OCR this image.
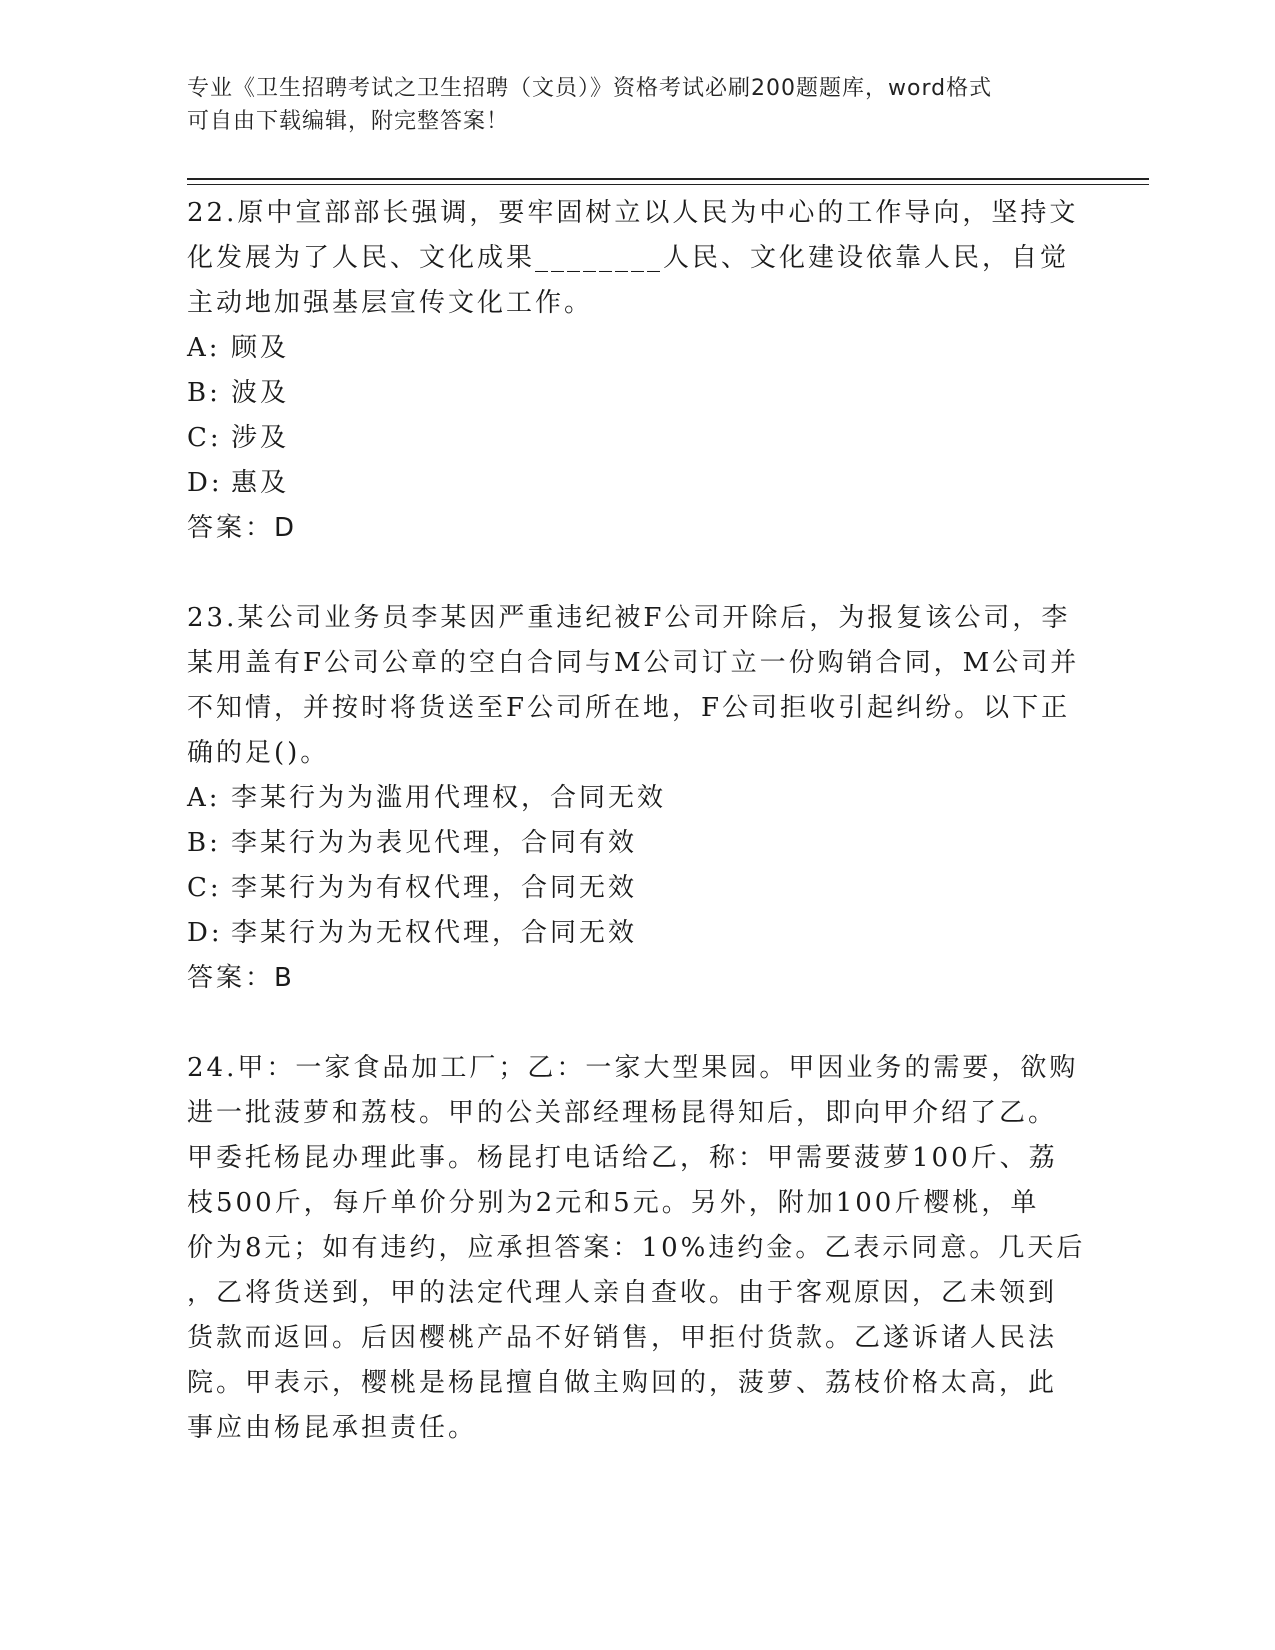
专业《卫生招聘考试之卫生招聘（文员）》资格考试必刷200题题库，word格式
可自由下载编辑，附完整答案！
22.原中宣部部长强调，要牢固树立以人民为中心的工作导向，坚持文
化发展为了人民、文化成果________人民、文化建设依靠人民，自觉
主动地加强基层宣传文化工作。
A: 顾及
B: 波及
C: 涉及
D: 惠及
答案：D
23.某公司业务员李某因严重违纪被F公司开除后，为报复该公司，李
某用盖有F公司公章的空白合同与M公司订立一份购销合同，M公司并
不知情，并按时将货送至F公司所在地，F公司拒收引起纠纷。以下正
确的足()。
A: 李某行为为滥用代理权，合同无效
B: 李某行为为表见代理，合同有效
C: 李某行为为有权代理，合同无效
D: 李某行为为无权代理，合同无效
答案：B
24.甲：一家食品加工厂；乙：一家大型果园。甲因业务的需要，欲购
进一批菠萝和荔枝。甲的公关部经理杨昆得知后，即向甲介绍了乙。
甲委托杨昆办理此事。杨昆打电话给乙，称：甲需要菠萝100斤、荔
枝500斤，每斤单价分别为2元和5元。另外，附加100斤樱桃，单
价为8元；如有违约，应承担答案：10%违约金。乙表示同意。几天后
，乙将货送到，甲的法定代理人亲自查收。由于客观原因，乙未领到
货款而返回。后因樱桃产品不好销售，甲拒付货款。乙遂诉诸人民法
院。甲表示，樱桃是杨昆擅自做主购回的，菠萝、荔枝价格太高，此
事应由杨昆承担责任。
